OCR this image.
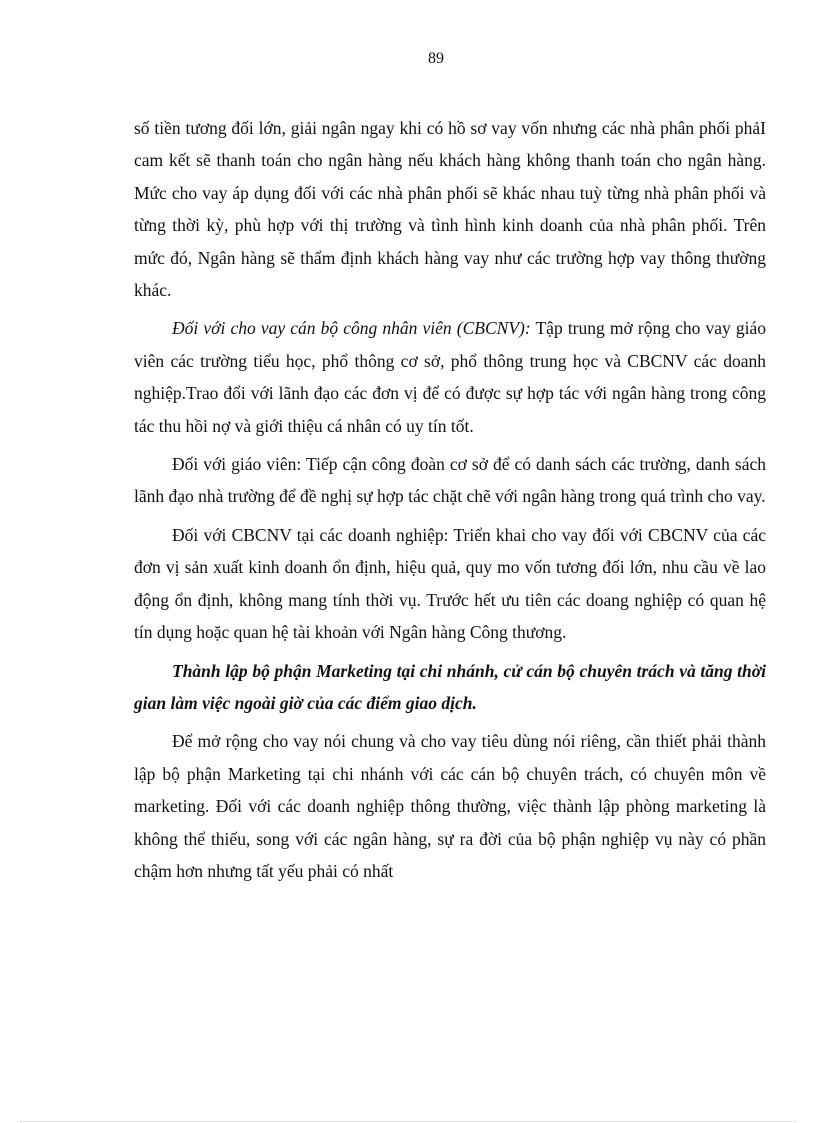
89

số tiền tương đối lớn, giải ngân ngay khi có hồ sơ vay vốn nhưng các nhà phân phối phảI cam kết sẽ thanh toán cho ngân hàng nếu khách hàng không thanh toán cho ngân hàng. Mức cho vay áp dụng đối với các nhà phân phối sẽ khác nhau tuỳ từng nhà phân phối và từng thời kỳ, phù hợp với thị trường và tình hình kinh doanh của nhà phân phối. Trên mức đó, Ngân hàng sẽ thẩm định khách hàng vay như các trường hợp vay thông thường khác.

Đối với cho vay cán bộ công nhân viên (CBCNV): Tập trung mở rộng cho vay giáo viên các trường tiểu học, phổ thông cơ sở, phổ thông trung học và CBCNV các doanh nghiệp.Trao đổi với lãnh đạo các đơn vị để có được sự hợp tác với ngân hàng trong công tác thu hồi nợ và giới thiệu cá nhân có uy tín tốt.

Đối với giáo viên: Tiếp cận công đoàn cơ sở để có danh sách các trường, danh sách lãnh đạo nhà trường để đề nghị sự hợp tác chặt chẽ với ngân hàng trong quá trình cho vay.

Đối với CBCNV tại các doanh nghiệp: Triển khai cho vay đối với CBCNV của các đơn vị sản xuất kinh doanh ổn định, hiệu quả, quy mo vốn tương đối lớn, nhu cầu về lao động ổn định, không mang tính thời vụ. Trước hết ưu tiên các doang nghiệp có quan hệ tín dụng hoặc quan hệ tài khoản với Ngân hàng Công thương.

Thành lập bộ phận Marketing tại chi nhánh, cử cán bộ chuyên trách và tăng thời gian làm việc ngoài giờ của các điểm giao dịch.

Để mở rộng cho vay nói chung và cho vay tiêu dùng nói riêng, cần thiết phải thành lập bộ phận Marketing tại chi nhánh với các cán bộ chuyên trách, có chuyên môn về marketing. Đối với các doanh nghiệp thông thường, việc thành lập phòng marketing là không thể thiếu, song với các ngân hàng, sự ra đời của bộ phận nghiệp vụ này có phần chậm hơn nhưng tất yếu phải có nhất
